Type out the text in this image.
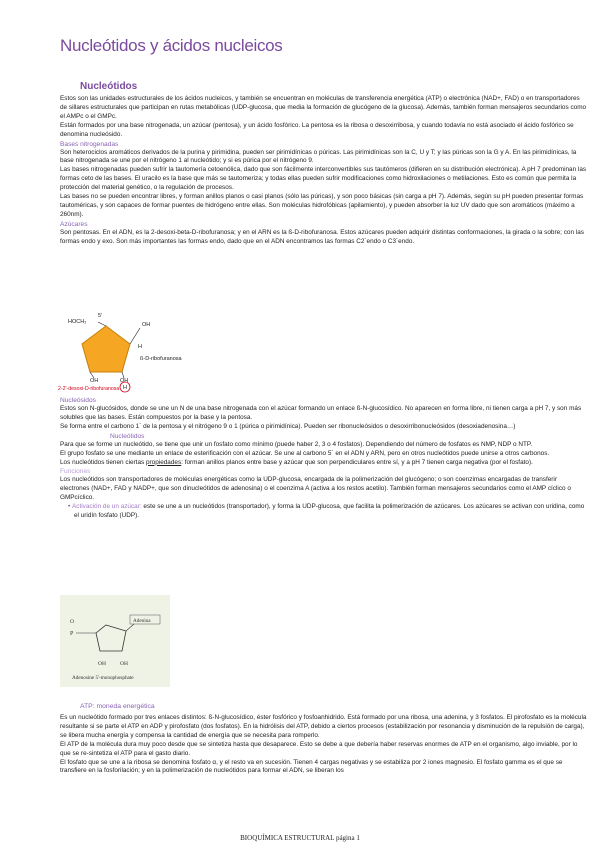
Nucleótidos y ácidos nucleicos
Nucleótidos

Estos son las unidades estructurales de los ácidos nucleicos, y también se encuentran en moléculas de transferencia energética (ATP) o electrónica (NAD+, FAD) o en transportadores de sillares estructurales que participan en rutas metabólicas (UDP-glucosa, que media la formación de glucógeno de la glucosa). Además, también forman mensajeros secundarios como el AMPc o el GMPc.

Están formados por una base nitrogenada, un azúcar (pentosa), y un ácido fosfórico. La pentosa es la ribosa o desoxirribosa, y cuando todavía no está asociado el ácido fosfórico se denomina nucleósido.

Bases nitrogenadas

Son heterociclos aromáticos derivados de la purina y pirimidina, pueden ser pirimidínicas o púricas. Las pirimidínicas son la C, U y T; y las púricas son la G y A. En las pirimidínicas, la base nitrogenada se une por el nitrógeno 1 al nucleótido; y si es púrica por el nitrógeno 9.

Las bases nitrogenadas pueden sufrir la tautomería cetoenólica, dado que son fácilmente interconvertibles sus tautómeros (difieren en su distribución electrónica). A pH 7 predominan las formas ceto de las bases. El uracilo es la base que más se tautomeriza; y todas ellas pueden sufrir modificaciones como hidroxilaciones o metilaciones. Esto es común que permita la protección del material genético, o la regulación de procesos.

Las bases no se pueden encontrar libres, y forman anillos planos o casi planos (sólo las púricas), y son poco básicas (sin carga a pH 7). Además, según su pH pueden presentar formas tautoméricas, y son capaces de formar puentes de hidrógeno entre ellas. Son moléculas hidrofóbicas (apilamiento), y pueden absorber la luz UV dado que son aromáticos (máximo a 260nm).

Azúcares

Son pentosas. En el ADN, es la 2-desoxi-beta-D-ribofuranosa; y en el ARN es la ß-D-ribofuranosa. Estos azúcares pueden adquirir distintas conformaciones, la girada o la sobre; con las formas endo y exo. Son más importantes las formas endo, dado que en el ADN encontramos las formas C2´endo o C3´endo.

5'
HOCH₂	OH
H
ß-D-ribofuranosa
OH	OH
2-2'-desoxi-D-ribofuranosa H

Nucleósidos

Estos son N-glucósidos, donde se une un N de una base nitrogenada con el azúcar formando un enlace ß-N-glucosídico. No aparecen en forma libre, ni tienen carga a pH 7, y son más solubles que las bases. Están compuestos por la base y la pentosa.

Se forma entre el carbono 1´ de la pentosa y el nitrógeno 9 o 1 (púrica o pirimidínica). Pueden ser ribonucleósidos o desoxirribonucleósidos (desoxiadenosina…)

Nucleótidos

Para que se forme un nucleótido, se tiene que unir un fosfato como mínimo (puede haber 2, 3 o 4 fosfatos). Dependiendo del número de fosfatos es NMP, NDP o NTP.

El grupo fosfato se une mediante un enlace de esterificación con el azúcar. Se une al carbono 5´ en el ADN y ARN, pero en otros nucleótidos puede unirse a otros carbonos.

Los nucleótidos tienen ciertas propiedades: forman anillos planos entre base y azúcar que son perpendiculares entre sí, y a pH 7 tienen carga negativa (por el fosfato).

Funciones

Los nucleótidos son transportadores de moléculas energéticas como la UDP-glucosa, encargada de la polimerización del glucógeno; o son coenzimas encargadas de transferir electrones (NAD+, FAD y NADP+, que son dinucleótidos de adenosina) o el coenzima A (activa a los restos acetilo). También forman mensajeros secundarios como el AMP cíclico o GMPcíclico.

• Activación de un azúcar: este se une a un nucleótidos (transportador), y forma la UDP-glucosa, que facilita la polimerización de azúcares. Los azúcares se activan con uridina, como el uridín fosfato (UDP).

Adenina
P
O
OH	OH
Adenosine 5'-monophosphate
ATP: moneda energética

Es un nucleótido formado por tres enlaces distintos: ß-N-glucosídico, éster fosfórico y fosfoanhidrido. Está formado por una ribosa, una adenina, y 3 fosfatos. El pirofosfato es la molécula resultante si se parte el ATP en ADP y pirofosfato (dos fosfatos). En la hidrólisis del ATP, debido a ciertos procesos (estabilización por resonancia y disminución de la repulsión de carga), se libera mucha energía y compensa la cantidad de energía que se necesita para romperlo.

El ATP de la molécula dura muy poco desde que se sintetiza hasta que desaparece. Esto se debe a que debería haber reservas enormes de ATP en el organismo, algo inviable, por lo que se re-sintetiza el ATP para el gasto diario.

El fosfato que se une a la ribosa se denomina fosfato α, y el resto va en sucesión. Tienen 4 cargas negativas y se estabiliza por 2 iones magnesio. El fosfato gamma es el que se transfiere en la fosforilación; y en la polimerización de nucleótidos para formar el ADN, se liberan los

BIOQUÍMICA ESTRUCTURAL página 1
